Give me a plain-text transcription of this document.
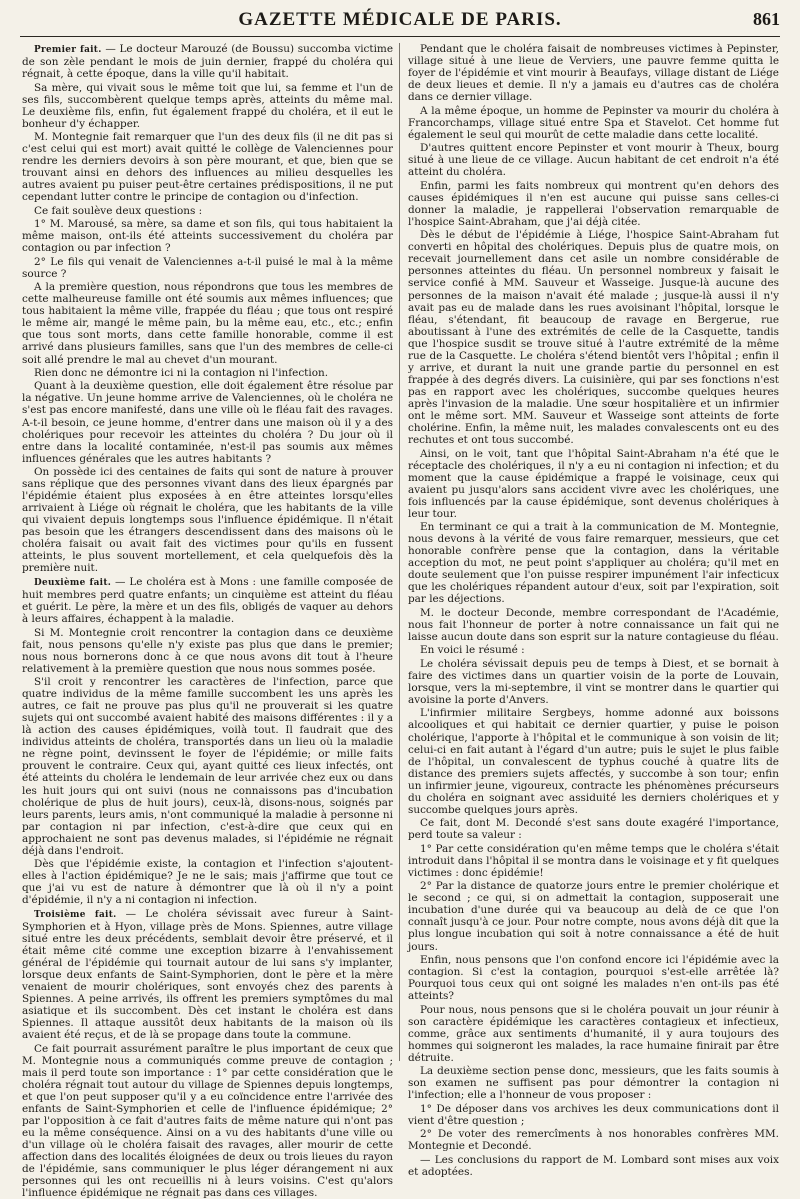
GAZETTE MÉDICALE DE PARIS.	861

Premier fait. — Le docteur Marouzé (de Boussu) succomba victime de son zèle pendant le mois de juin dernier, frappé du choléra qui régnait, à cette époque, dans la ville qu'il habitait.

Sa mère, qui vivait sous le même toit que lui, sa femme et l'un de ses fils, succombèrent quelque temps après, atteints du même mal. Le deuxième fils, enfin, fut également frappé du choléra, et il eut le bonheur d'y échapper.

M. Montegnie fait remarquer que l'un des deux fils (il ne dit pas si c'est celui qui est mort) avait quitté le collège de Valenciennes pour rendre les derniers devoirs à son père mourant, et que, bien que se trouvant ainsi en dehors des influences au milieu desquelles les autres avaient pu puiser peut-être certaines prédispositions, il ne put cependant lutter contre le principe de contagion ou d'infection.

Ce fait soulève deux questions :

1° M. Marousé, sa mère, sa dame et son fils, qui tous habitaient la même maison, ont-ils été atteints successivement du choléra par contagion ou par infection ?

2° Le fils qui venait de Valenciennes a-t-il puisé le mal à la même source ?

A la première question, nous répondrons que tous les membres de cette malheureuse famille ont été soumis aux mêmes influences; que tous habitaient la même ville, frappée du fléau ; que tous ont respiré le même air, mangé le même pain, bu la même eau, etc., etc.; enfin que tous sont morts, dans cette famille honorable, comme il est arrivé dans plusieurs familles, sans que l'un des membres de celle-ci soit allé prendre le mal au chevet d'un mourant.

Rien donc ne démontre ici ni la contagion ni l'infection.

Quant à la deuxième question, elle doit également être résolue par la négative. Un jeune homme arrive de Valenciennes, où le choléra ne s'est pas encore manifesté, dans une ville où le fléau fait des ravages. A-t-il besoin, ce jeune homme, d'entrer dans une maison où il y a des cholériques pour recevoir les atteintes du choléra ? Du jour où il entre dans la localité contaminée, n'est-il pas soumis aux mêmes influences générales que les autres habitants ?

On possède ici des centaines de faits qui sont de nature à prouver sans réplique que des personnes vivant dans des lieux épargnés par l'épidémie étaient plus exposées à en être atteintes lorsqu'elles arrivaient à Liége où régnait le choléra, que les habitants de la ville qui vivaient depuis longtemps sous l'influence épidémique. Il n'était pas besoin que les étrangers descendissent dans des maisons où le choléra faisait ou avait fait des victimes pour qu'ils en fussent atteints, le plus souvent mortellement, et cela quelquefois dès la première nuit.

Deuxième fait. — Le choléra est à Mons : une famille composée de huit membres perd quatre enfants; un cinquième est atteint du fléau et guérit. Le père, la mère et un des fils, obligés de vaquer au dehors à leurs affaires, échappent à la maladie.

Si M. Montegnie croit rencontrer la contagion dans ce deuxième fait, nous pensons qu'elle n'y existe pas plus que dans le premier; nous nous bornerons donc à ce que nous avons dit tout à l'heure relativement à la première question que nous nous sommes posée.

S'il croit y rencontrer les caractères de l'infection, parce que quatre individus de la même famille succombent les uns après les autres, ce fait ne prouve pas plus qu'il ne prouverait si les quatre sujets qui ont succombé avaient habité des maisons différentes : il y a là action des causes épidémiques, voilà tout. Il faudrait que des individus atteints de choléra, transportés dans un lieu où la maladie ne règne point, devinssent le foyer de l'épidémie; or mille faits prouvent le contraire. Ceux qui, ayant quitté ces lieux infectés, ont été atteints du choléra le lendemain de leur arrivée chez eux ou dans les huit jours qui ont suivi (nous ne connaissons pas d'incubation cholérique de plus de huit jours), ceux-là, disons-nous, soignés par leurs parents, leurs amis, n'ont communiqué la maladie à personne ni par contagion ni par infection, c'est-à-dire que ceux qui en approchaient ne sont pas devenus malades, si l'épidémie ne régnait déjà dans l'endroit.

Dès que l'épidémie existe, la contagion et l'infection s'ajoutent-elles à l'action épidémique? Je ne le sais; mais j'affirme que tout ce que j'ai vu est de nature à démontrer que là où il n'y a point d'épidémie, il n'y a ni contagion ni infection.

Troisième fait. — Le choléra sévissait avec fureur à Saint-Symphorien et à Hyon, village près de Mons. Spiennes, autre village situé entre les deux précédents, semblait devoir être préservé, et il était même cité comme une exception bizarre à l'envahissement général de l'épidémie qui tournait autour de lui sans s'y implanter, lorsque deux enfants de Saint-Symphorien, dont le père et la mère venaient de mourir cholériques, sont envoyés chez des parents à Spiennes. A peine arrivés, ils offrent les premiers symptômes du mal asiatique et ils succombent. Dès cet instant le choléra est dans Spiennes. Il attaque aussitôt deux habitants de la maison où ils avaient été reçus, et de là se propage dans toute la commune.

Ce fait pourrait assurément paraître le plus important de ceux que M. Montegnie nous a communiqués comme preuve de contagion ; mais il perd toute son importance : 1° par cette considération que le choléra régnait tout autour du village de Spiennes depuis longtemps, et que l'on peut supposer qu'il y a eu coïncidence entre l'arrivée des enfants de Saint-Symphorien et celle de l'influence épidémique; 2° par l'opposition à ce fait d'autres faits de même nature qui n'ont pas eu la même conséquence. Ainsi on a vu des habitants d'une ville ou d'un village où le choléra faisait des ravages, aller mourir de cette affection dans des localités éloignées de deux ou trois lieues du rayon de l'épidémie, sans communiquer le plus léger dérangement ni aux personnes qui les ont recueillis ni à leurs voisins. C'est qu'alors l'influence épidémique ne régnait pas dans ces villages.

Pendant que le choléra faisait de nombreuses victimes à Pepinster, village situé à une lieue de Verviers, une pauvre femme quitta le foyer de l'épidémie et vint mourir à Beaufays, village distant de Liége de deux lieues et demie. Il n'y a jamais eu d'autres cas de choléra dans ce dernier village.

A la même époque, un homme de Pepinster va mourir du choléra à Francorchamps, village situé entre Spa et Stavelot. Cet homme fut également le seul qui mourût de cette maladie dans cette localité.

D'autres quittent encore Pepinster et vont mourir à Theux, bourg situé à une lieue de ce village. Aucun habitant de cet endroit n'a été atteint du choléra.

Enfin, parmi les faits nombreux qui montrent qu'en dehors des causes épidémiques il n'en est aucune qui puisse sans celles-ci donner la maladie, je rappellerai l'observation remarquable de l'hospice Saint-Abraham, que j'ai déjà citée.

Dès le début de l'épidémie à Liége, l'hospice Saint-Abraham fut converti en hôpital des cholériques. Depuis plus de quatre mois, on recevait journellement dans cet asile un nombre considérable de personnes atteintes du fléau. Un personnel nombreux y faisait le service confié à MM. Sauveur et Wasseige. Jusque-là aucune des personnes de la maison n'avait été malade ; jusque-là aussi il n'y avait pas eu de malade dans les rues avoisinant l'hôpital, lorsque le fléau, s'étendant, fit beaucoup de ravage en Bergerue, rue aboutissant à l'une des extrémités de celle de la Casquette, tandis que l'hospice susdit se trouve situé à l'autre extrémité de la même rue de la Casquette. Le choléra s'étend bientôt vers l'hôpital ; enfin il y arrive, et durant la nuit une grande partie du personnel en est frappée à des degrés divers. La cuisinière, qui par ses fonctions n'est pas en rapport avec les cholériques, succombe quelques heures après l'invasion de la maladie. Une sœur hospitalière et un infirmier ont le même sort. MM. Sauveur et Wasseige sont atteints de forte cholérine. Enfin, la même nuit, les malades convalescents ont eu des rechutes et ont tous succombé.

Ainsi, on le voit, tant que l'hôpital Saint-Abraham n'a été que le réceptacle des cholériques, il n'y a eu ni contagion ni infection; et du moment que la cause épidémique a frappé le voisinage, ceux qui avaient pu jusqu'alors sans accident vivre avec les cholériques, une fois influencés par la cause épidémique, sont devenus cholériques à leur tour.

En terminant ce qui a trait à la communication de M. Montegnie, nous devons à la vérité de vous faire remarquer, messieurs, que cet honorable confrère pense que la contagion, dans la véritable acception du mot, ne peut point s'appliquer au choléra; qu'il met en doute seulement que l'on puisse respirer impunément l'air infecticux que les cholériques répandent autour d'eux, soit par l'expiration, soit par les déjections.

M. le docteur Deconde, membre correspondant de l'Académie, nous fait l'honneur de porter à notre connaissance un fait qui ne laisse aucun doute dans son esprit sur la nature contagieuse du fléau.

En voici le résumé :

Le choléra sévissait depuis peu de temps à Diest, et se bornait à faire des victimes dans un quartier voisin de la porte de Louvain, lorsque, vers la mi-septembre, il vint se montrer dans le quartier qui avoisine la porte d'Anvers.

L'infirmier militaire Sergbeys, homme adonné aux boissons alcooliques et qui habitait ce dernier quartier, y puise le poison cholérique, l'apporte à l'hôpital et le communique à son voisin de lit; celui-ci en fait autant à l'égard d'un autre; puis le sujet le plus faible de l'hôpital, un convalescent de typhus couché à quatre lits de distance des premiers sujets affectés, y succombe à son tour; enfin un infirmier jeune, vigoureux, contracte les phénomènes précurseurs du choléra en soignant avec assiduité les derniers cholériques et y succombe quelques jours après.

Ce fait, dont M. Decondé s'est sans doute exagéré l'importance, perd toute sa valeur :

1° Par cette considération qu'en même temps que le choléra s'était introduit dans l'hôpital il se montra dans le voisinage et y fit quelques victimes : donc épidémie!

2° Par la distance de quatorze jours entre le premier cholérique et le second ; ce qui, si on admettait la contagion, supposerait une incubation d'une durée qui va beaucoup au delà de ce que l'on connaît jusqu'à ce jour. Pour notre compte, nous avons déjà dit que la plus longue incubation qui soit à notre connaissance a été de huit jours.

Enfin, nous pensons que l'on confond encore ici l'épidémie avec la contagion. Si c'est la contagion, pourquoi s'est-elle arrêtée là? Pourquoi tous ceux qui ont soigné les malades n'en ont-ils pas été atteints?

Pour nous, nous pensons que si le choléra pouvait un jour réunir à son caractère épidémique les caractères contagieux et infectieux, comme, grâce aux sentiments d'humanité, il y aura toujours des hommes qui soigneront les malades, la race humaine finirait par être détruite.

La deuxième section pense donc, messieurs, que les faits soumis à son examen ne suffisent pas pour démontrer la contagion ni l'infection; elle a l'honneur de vous proposer :

1° De déposer dans vos archives les deux communications dont il vient d'être question ;

2° De voter des remercîments à nos honorables confrères MM. Montegnie et Decondé.

— Les conclusions du rapport de M. Lombard sont mises aux voix et adoptées.
